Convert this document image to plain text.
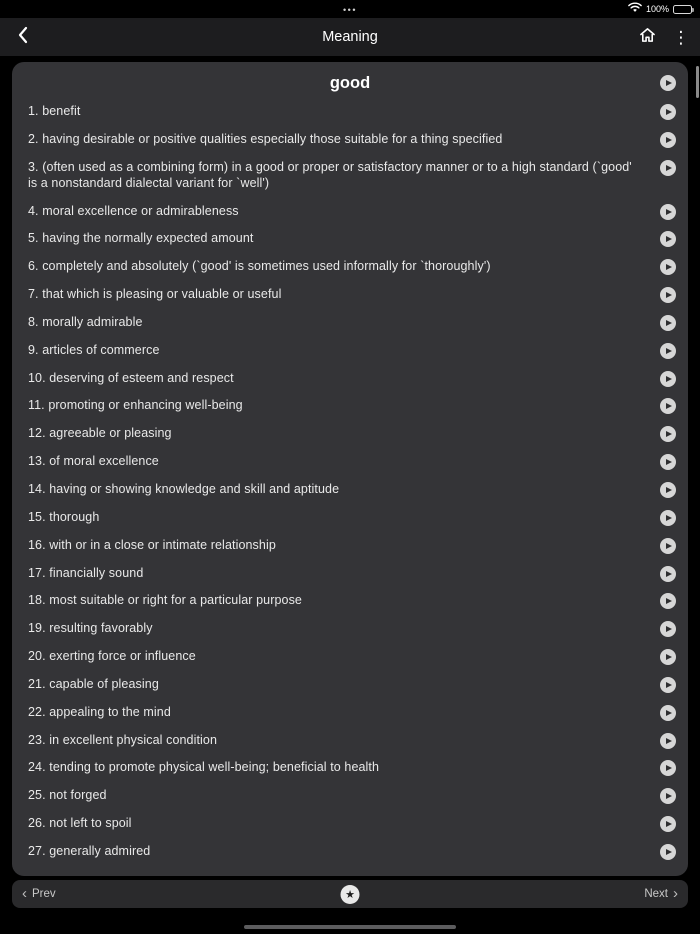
•••	100%
Meaning	⋮
good
1. benefit
2. having desirable or positive qualities especially those suitable for a thing specified
3. (often used as a combining form) in a good or proper or satisfactory manner or to a high standard (`good' is a nonstandard dialectal variant for `well')
4. moral excellence or admirableness
5. having the normally expected amount
6. completely and absolutely (`good' is sometimes used informally for `thoroughly')
7. that which is pleasing or valuable or useful
8. morally admirable
9. articles of commerce
10. deserving of esteem and respect
11. promoting or enhancing well-being
12. agreeable or pleasing
13. of moral excellence
14. having or showing knowledge and skill and aptitude
15. thorough
16. with or in a close or intimate relationship
17. financially sound
18. most suitable or right for a particular purpose
19. resulting favorably
20. exerting force or influence
21. capable of pleasing
22. appealing to the mind
23. in excellent physical condition
24. tending to promote physical well-being; beneficial to health
25. not forged
26. not left to spoil
27. generally admired
‹ Prev	★	Next ›
